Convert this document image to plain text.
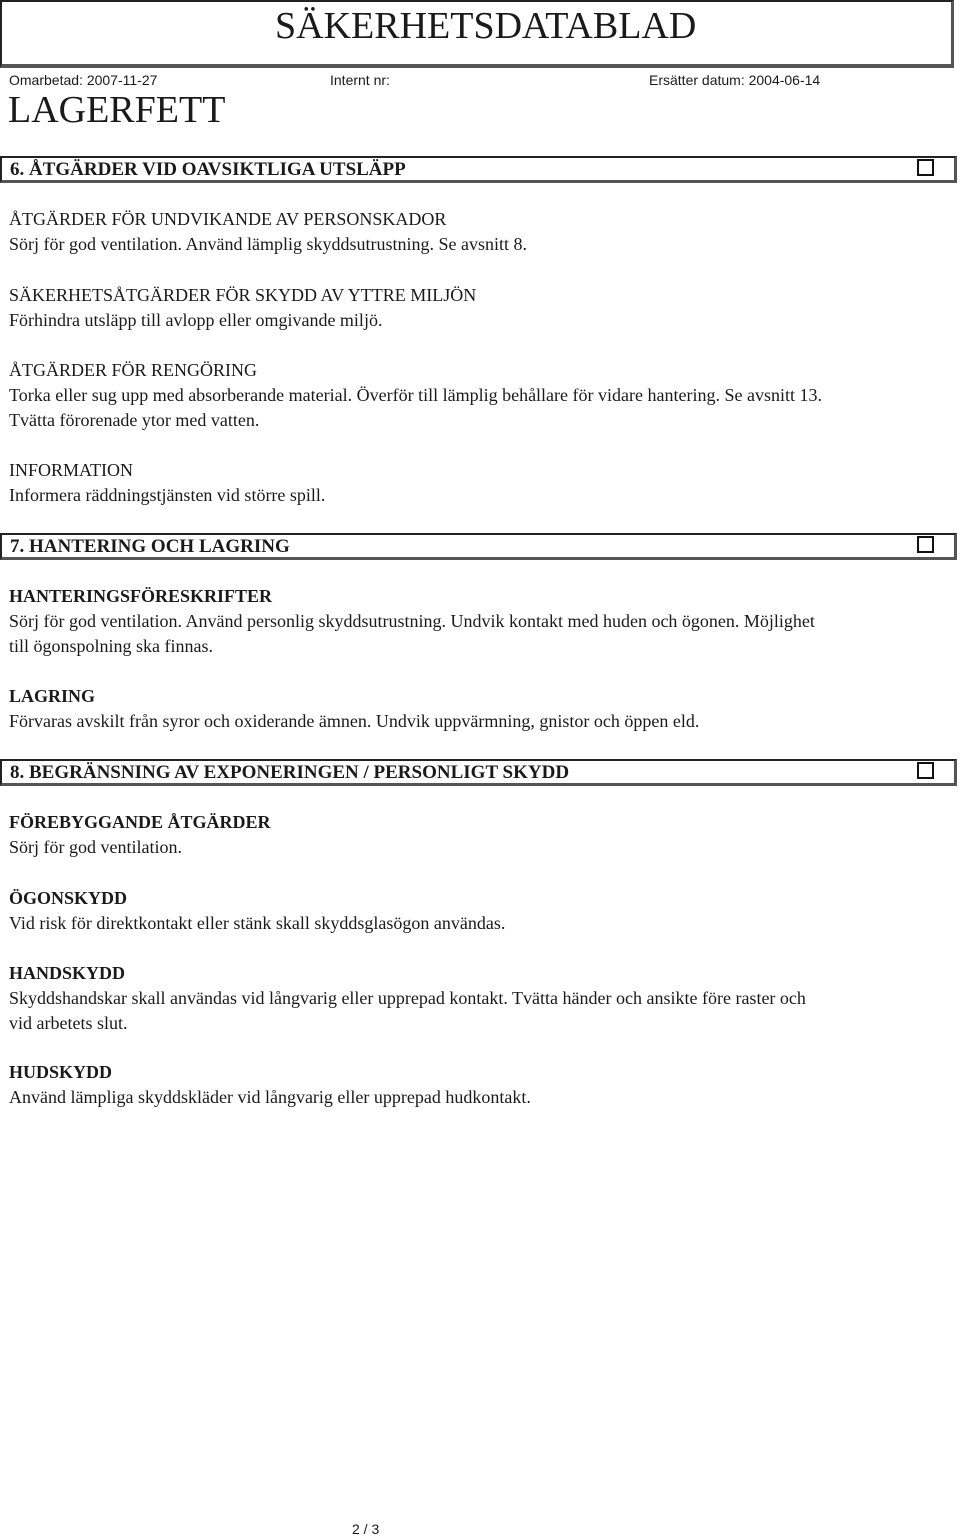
SÄKERHETSDATABLAD
Omarbetad: 2007-11-27	Internt nr:	Ersätter datum: 2004-06-14
LAGERFETT
6. ÅTGÄRDER VID OAVSIKTLIGA UTSLÄPP
ÅTGÄRDER FÖR UNDVIKANDE AV PERSONSKADOR
Sörj för god ventilation. Använd lämplig skyddsutrustning. Se avsnitt 8.
SÄKERHETSÅTGÄRDER FÖR SKYDD AV YTTRE MILJÖN
Förhindra utsläpp till avlopp eller omgivande miljö.
ÅTGÄRDER FÖR RENGÖRING
Torka eller sug upp med absorberande material. Överför till lämplig behållare för vidare hantering. Se avsnitt 13.
Tvätta förorenade ytor med vatten.
INFORMATION
Informera räddningstjänsten vid större spill.
7. HANTERING OCH LAGRING
HANTERINGSFÖRESKRIFTER
Sörj för god ventilation. Använd personlig skyddsutrustning. Undvik kontakt med huden och ögonen. Möjlighet
till ögonspolning ska finnas.
LAGRING
Förvaras avskilt från syror och oxiderande ämnen. Undvik uppvärmning, gnistor och öppen eld.
8. BEGRÄNSNING AV EXPONERINGEN / PERSONLIGT SKYDD
FÖREBYGGANDE ÅTGÄRDER
Sörj för god ventilation.
ÖGONSKYDD
Vid risk för direktkontakt eller stänk skall skyddsglasögon användas.
HANDSKYDD
Skyddshandskar skall användas vid långvarig eller upprepad kontakt. Tvätta händer och ansikte före raster och
vid arbetets slut.
HUDSKYDD
Använd lämpliga skyddskläder vid långvarig eller upprepad hudkontakt.
2 / 3
